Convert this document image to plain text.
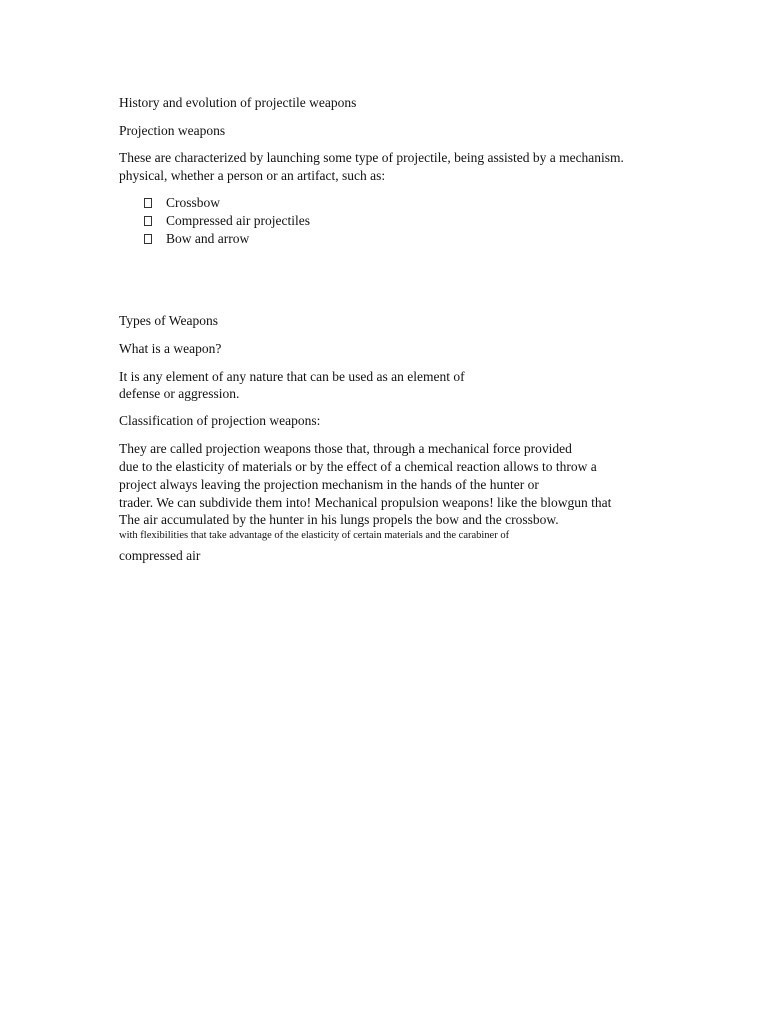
History and evolution of projectile weapons
Projection weapons
These are characterized by launching some type of projectile, being assisted by a mechanism.
physical, whether a person or an artifact, such as:
Crossbow
Compressed air projectiles
Bow and arrow
Types of Weapons
What is a weapon?
It is any element of any nature that can be used as an element of
defense or aggression.
Classification of projection weapons:
They are called projection weapons those that, through a mechanical force provided
due to the elasticity of materials or by the effect of a chemical reaction allows to throw a
project always leaving the projection mechanism in the hands of the hunter or
trader. We can subdivide them into! Mechanical propulsion weapons! like the blowgun that
The air accumulated by the hunter in his lungs propels the bow and the crossbow.
with flexibilities that take advantage of the elasticity of certain materials and the carabiner of
compressed air
